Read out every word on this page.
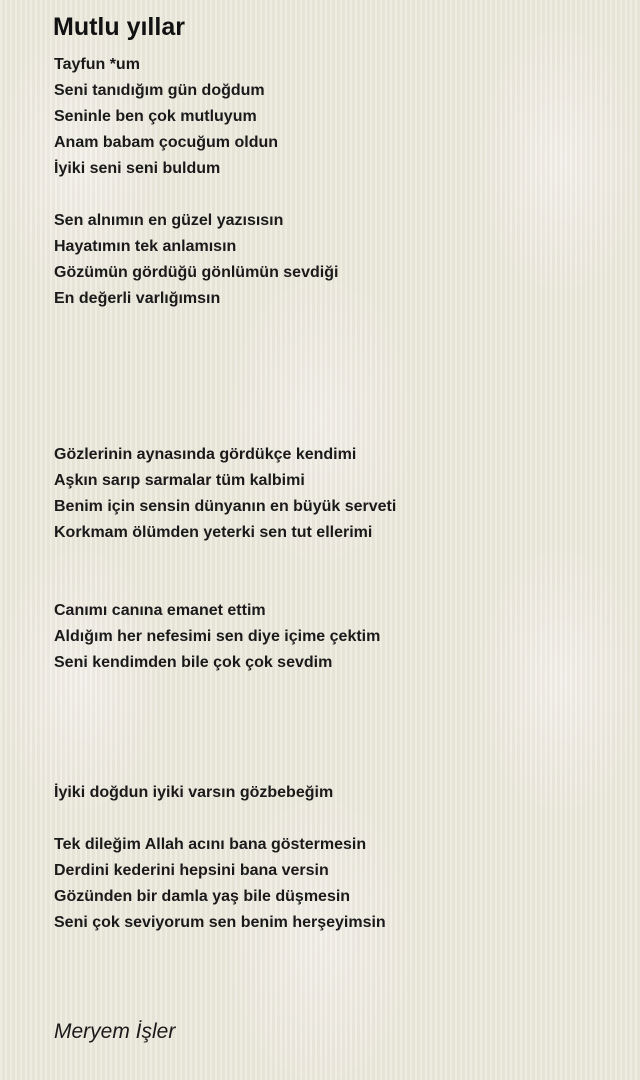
Mutlu yıllar
Tayfun *um
Seni tanıdığım gün doğdum
Seninle ben çok mutluyum
Anam babam çocuğum oldun
İyiki seni seni buldum
Sen alnımın en güzel yazısısın
Hayatımın tek anlamısın
Gözümün gördüğü gönlümün sevdiği
En değerli varlığımsın
Gözlerinin aynasında gördükçe kendimi
Aşkın sarıp sarmalar tüm kalbimi
Benim için sensin dünyanın en büyük serveti
Korkmam ölümden yeterki sen tut ellerimi
Canımı canına emanet ettim
Aldığım her nefesimi sen diye içime çektim
Seni kendimden bile çok çok sevdim
İyiki doğdun iyiki varsın gözbebeğim
Tek dileğim Allah acını bana göstermesin
Derdini kederini hepsini bana versin
Gözünden bir damla yaş bile düşmesin
Seni çok seviyorum sen benim herşeyimsin
Meryem İşler
